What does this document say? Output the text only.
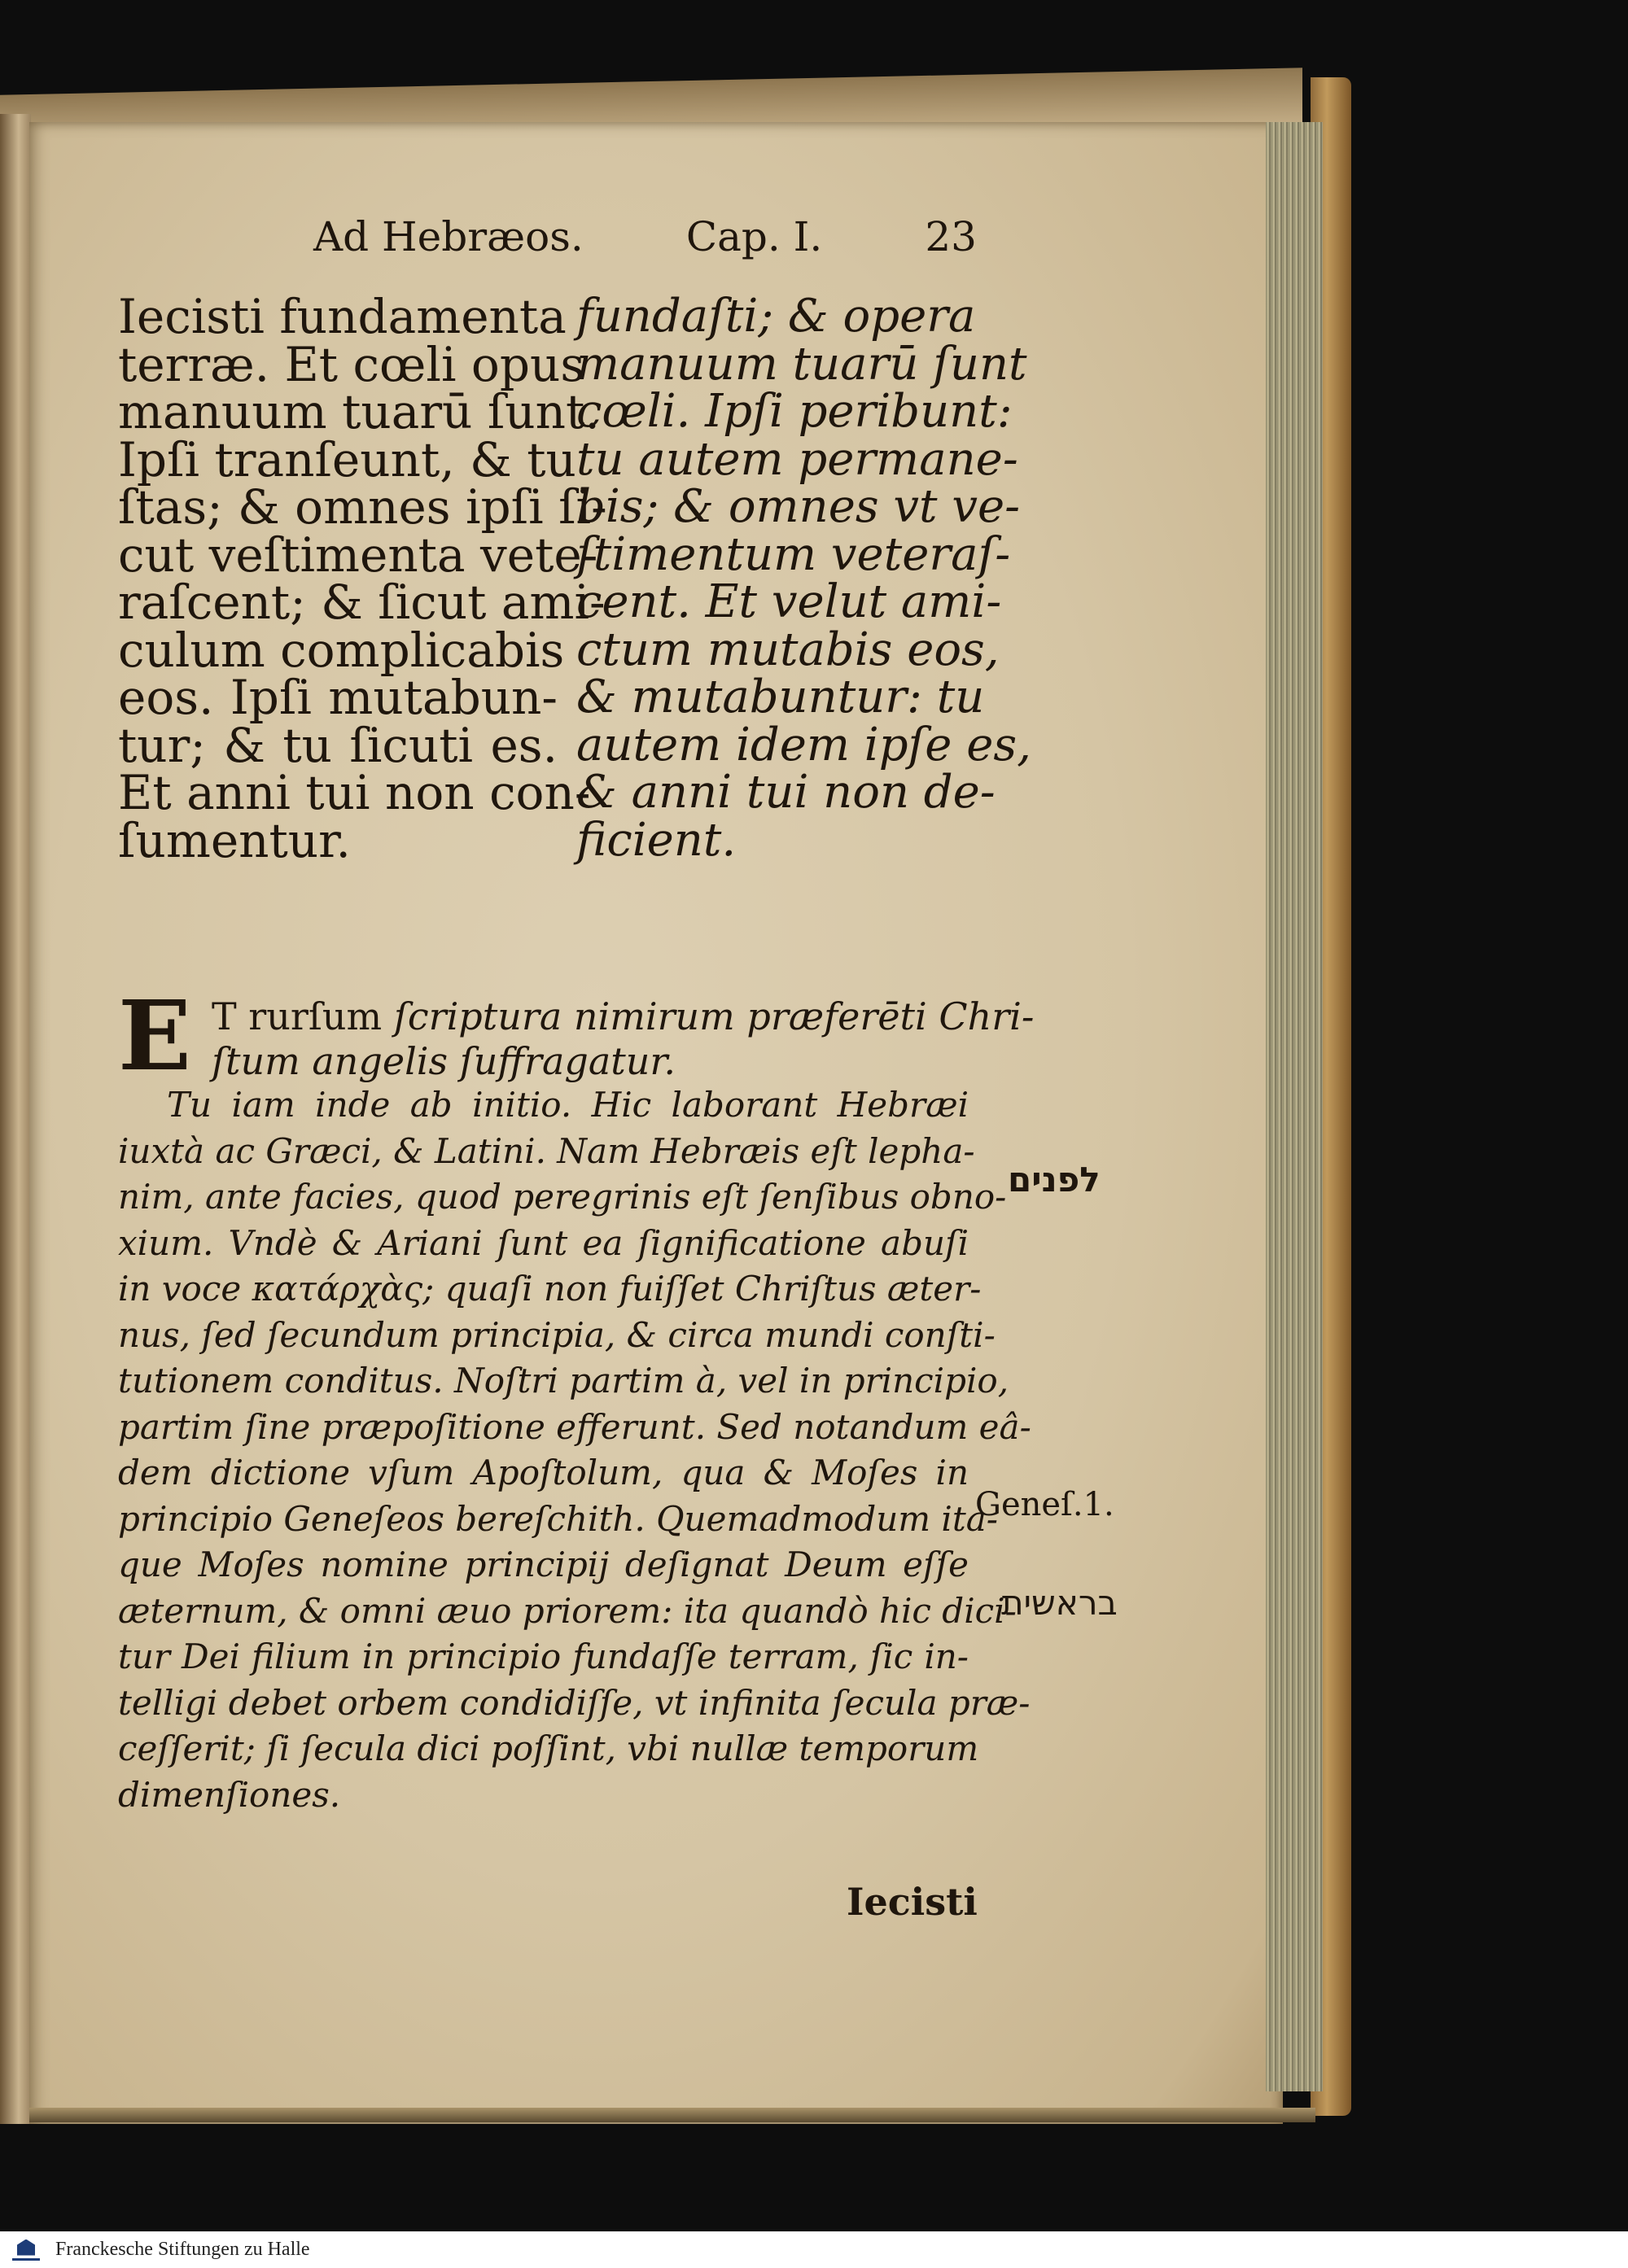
Ad Hebræos.	Cap. I.	23
Iecisti fundamenta
terræ. Et cœli opus
manuum tuarū ſunt.
Ipſi tranſeunt, & tu
ſtas; & omnes ipſi ſi-
cut veſtimenta vete-
raſcent; & ſicut ami-
culum complicabis
eos. Ipſi mutabun-
tur; & tu ſicuti es.
Et anni tui non con-
ſumentur.
fundaſti; & opera
manuum tuarū ſunt
cœli. Ipſi peribunt:
tu autem permane-
bis; & omnes vt ve-
ſtimentum veteraſ-
cent. Et velut ami-
ctum mutabis eos,
& mutabuntur: tu
autem idem ipſe es,
& anni tui non de-
ficient.
E T rurſum ſcriptura nimirum præferēti Chri-
ſtum angelis ſuffragatur.
Tu iam inde ab initio. Hic laborant Hebræi
iuxtà ac Græci, & Latini. Nam Hebræis eſt lepha-
nim, ante facies, quod peregrinis eſt ſenſibus obno-
xium. Vndè & Ariani ſunt ea ſignificatione abuſi
in voce κατάρχὰς; quaſi non fuiſſet Chriſtus æter-
nus, ſed ſecundum principia, & circa mundi conſti-
tutionem conditus. Noſtri partim à, vel in principio,
partim ſine præpoſitione efferunt. Sed notandum eâ-
dem dictione vſum Apoſtolum, qua & Moſes in
principio Geneſeos bereſchith. Quemadmodum ita-
que Moſes nomine principij deſignat Deum eſſe
æternum, & omni æuo priorem: ita quandò hic dici-
tur Dei filium in principio fundaſſe terram, ſic in-
telligi debet orbem condidiſſe, vt infinita ſecula præ-
ceſſerit; ſi ſecula dici poſſint, vbi nullæ temporum
dimenſiones.
לפנים
Geneſ.1.
בראשית
Iecisti
Franckesche Stiftungen zu Halle
